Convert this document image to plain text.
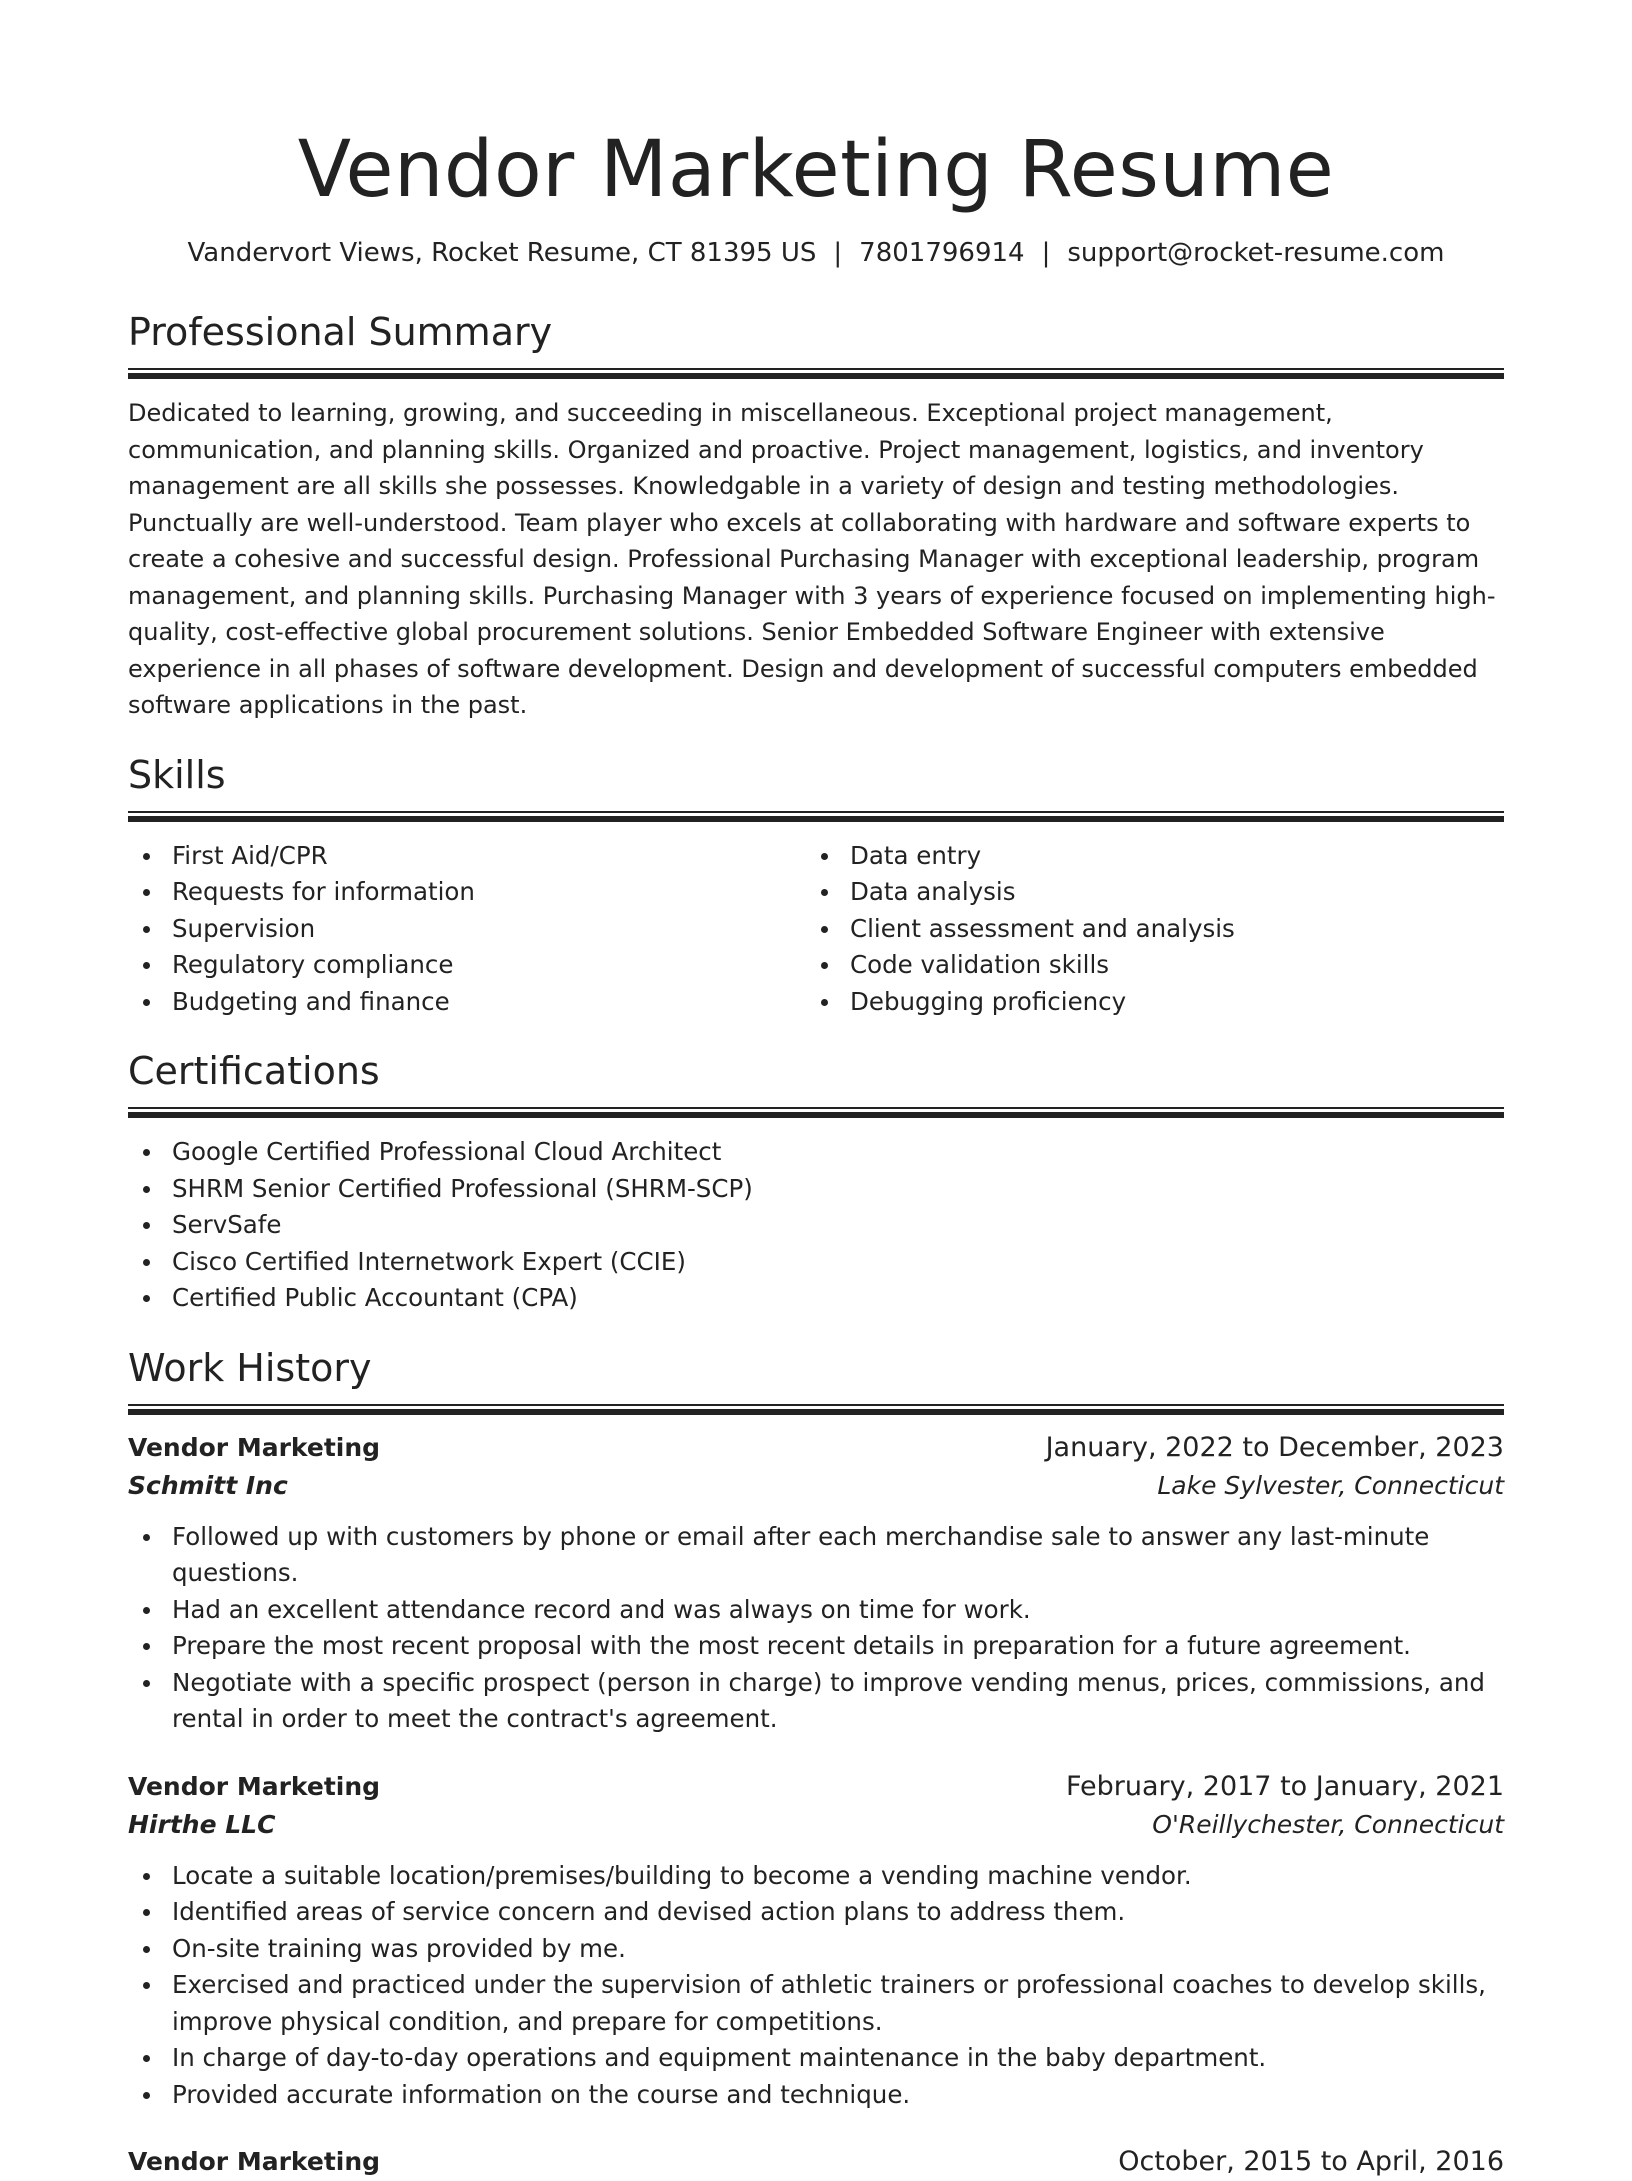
Vendor Marketing Resume
Vandervort Views, Rocket Resume, CT 81395 US | 7801796914 | support@rocket-resume.com
Professional Summary

Dedicated to learning, growing, and succeeding in miscellaneous. Exceptional project management, communication, and planning skills. Organized and proactive. Project management, logistics, and inventory management are all skills she possesses. Knowledgable in a variety of design and testing methodologies. Punctually are well-understood. Team player who excels at collaborating with hardware and software experts to create a cohesive and successful design. Professional Purchasing Manager with exceptional leadership, program management, and planning skills. Purchasing Manager with 3 years of experience focused on implementing high-quality, cost-effective global procurement solutions. Senior Embedded Software Engineer with extensive experience in all phases of software development. Design and development of successful computers embedded software applications in the past.

Skills
First Aid/CPR
Requests for information
Supervision
Regulatory compliance
Budgeting and finance
Data entry
Data analysis
Client assessment and analysis
Code validation skills
Debugging proficiency
Certifications
Google Certified Professional Cloud Architect
SHRM Senior Certified Professional (SHRM-SCP)
ServSafe
Cisco Certified Internetwork Expert (CCIE)
Certified Public Accountant (CPA)
Work History
Vendor Marketing	January, 2022 to December, 2023
Schmitt Inc	Lake Sylvester, Connecticut
Followed up with customers by phone or email after each merchandise sale to answer any last-minute questions.
Had an excellent attendance record and was always on time for work.
Prepare the most recent proposal with the most recent details in preparation for a future agreement.
Negotiate with a specific prospect (person in charge) to improve vending menus, prices, commissions, and rental in order to meet the contract's agreement.
Vendor Marketing	February, 2017 to January, 2021
Hirthe LLC	O'Reillychester, Connecticut
Locate a suitable location/premises/building to become a vending machine vendor.
Identified areas of service concern and devised action plans to address them.
On-site training was provided by me.
Exercised and practiced under the supervision of athletic trainers or professional coaches to develop skills, improve physical condition, and prepare for competitions.
In charge of day-to-day operations and equipment maintenance in the baby department.
Provided accurate information on the course and technique.
Vendor Marketing	October, 2015 to April, 2016
